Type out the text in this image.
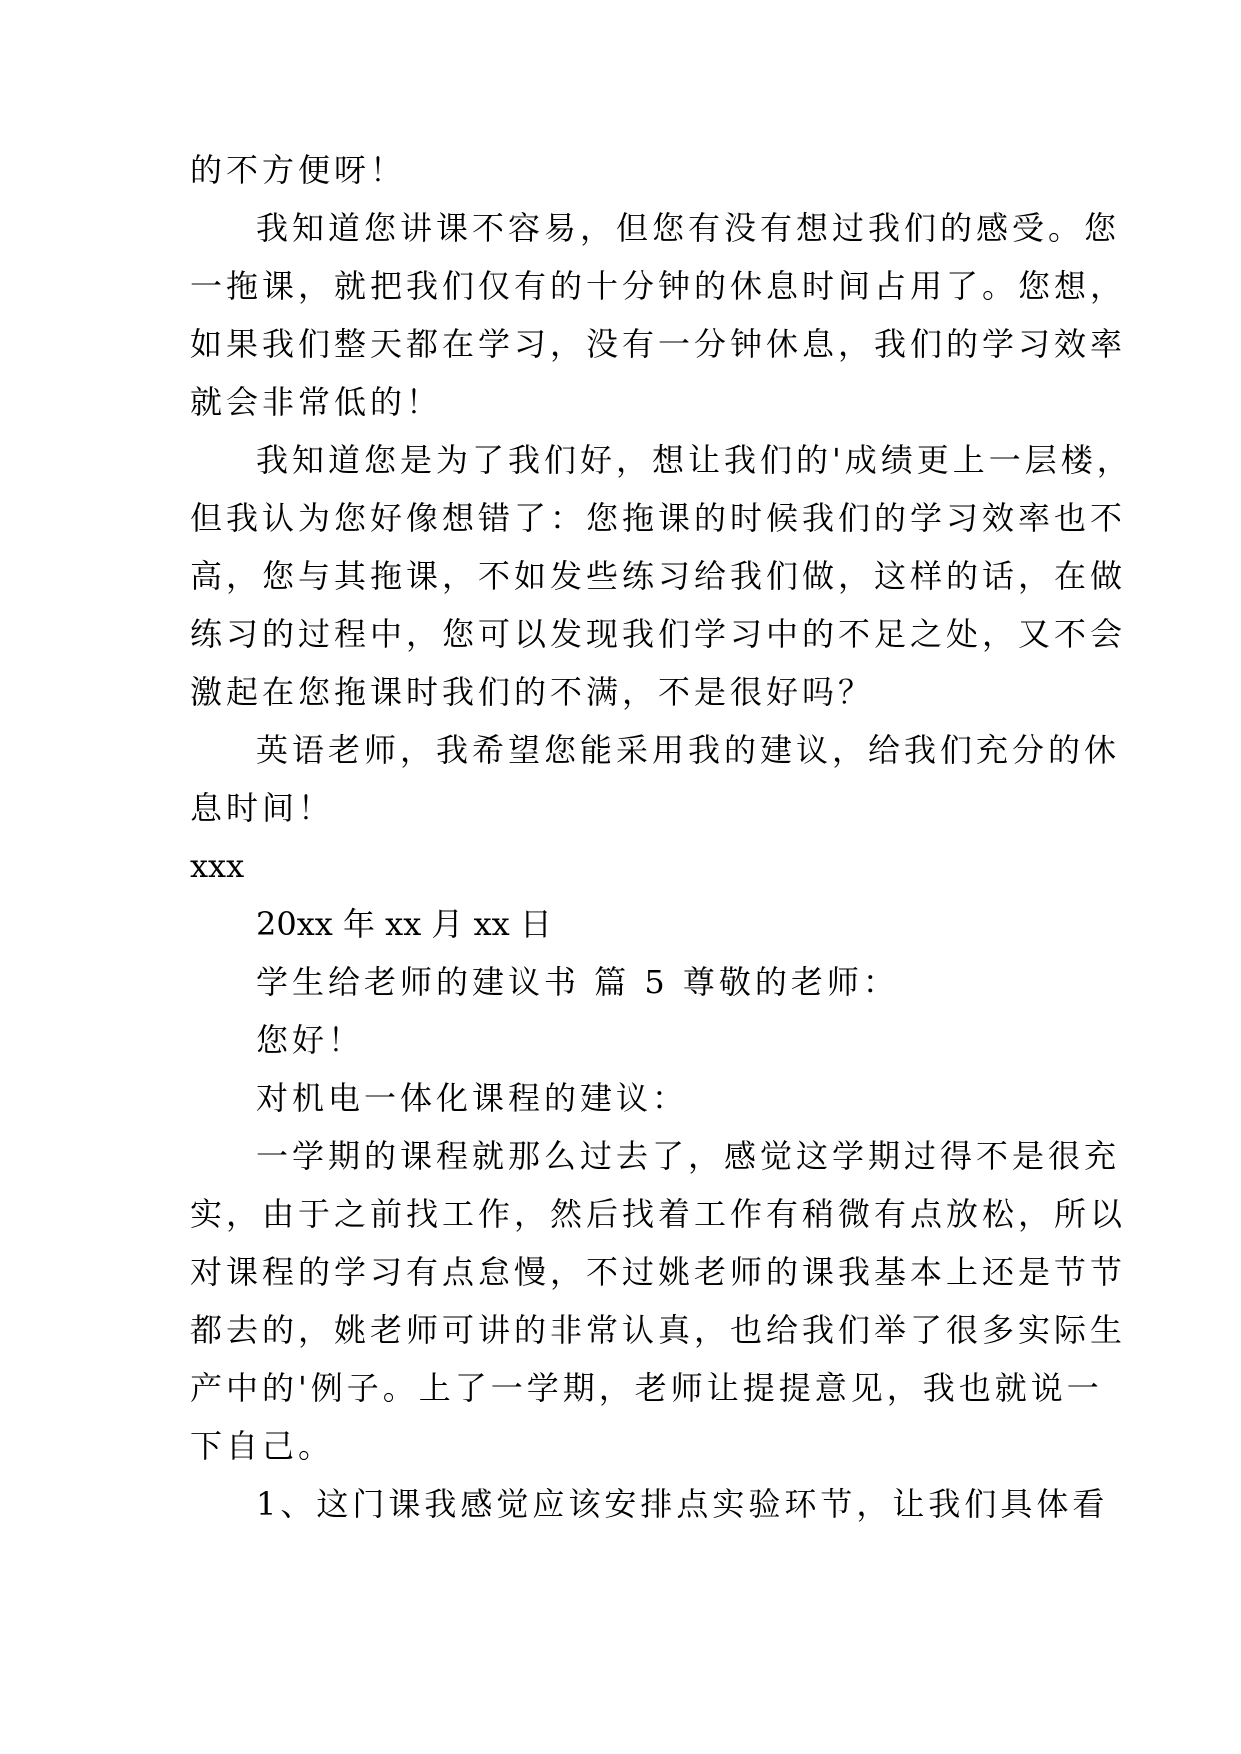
的不方便呀！
我知道您讲课不容易，但您有没有想过我们的感受。您
一拖课，就把我们仅有的十分钟的休息时间占用了。您想，
如果我们整天都在学习，没有一分钟休息，我们的学习效率
就会非常低的！
我知道您是为了我们好，想让我们的'成绩更上一层楼，
但我认为您好像想错了：您拖课的时候我们的学习效率也不
高，您与其拖课，不如发些练习给我们做，这样的话，在做
练习的过程中，您可以发现我们学习中的不足之处，又不会
激起在您拖课时我们的不满，不是很好吗？
英语老师，我希望您能采用我的建议，给我们充分的休
息时间！
xxx
20xx 年 xx 月 xx 日
学生给老师的建议书 篇 5 尊敬的老师：
您好！
对机电一体化课程的建议：
一学期的课程就那么过去了，感觉这学期过得不是很充
实，由于之前找工作，然后找着工作有稍微有点放松，所以
对课程的学习有点怠慢，不过姚老师的课我基本上还是节节
都去的，姚老师可讲的非常认真，也给我们举了很多实际生
产中的'例子。上了一学期，老师让提提意见，我也就说一
下自己。
1、这门课我感觉应该安排点实验环节，让我们具体看
